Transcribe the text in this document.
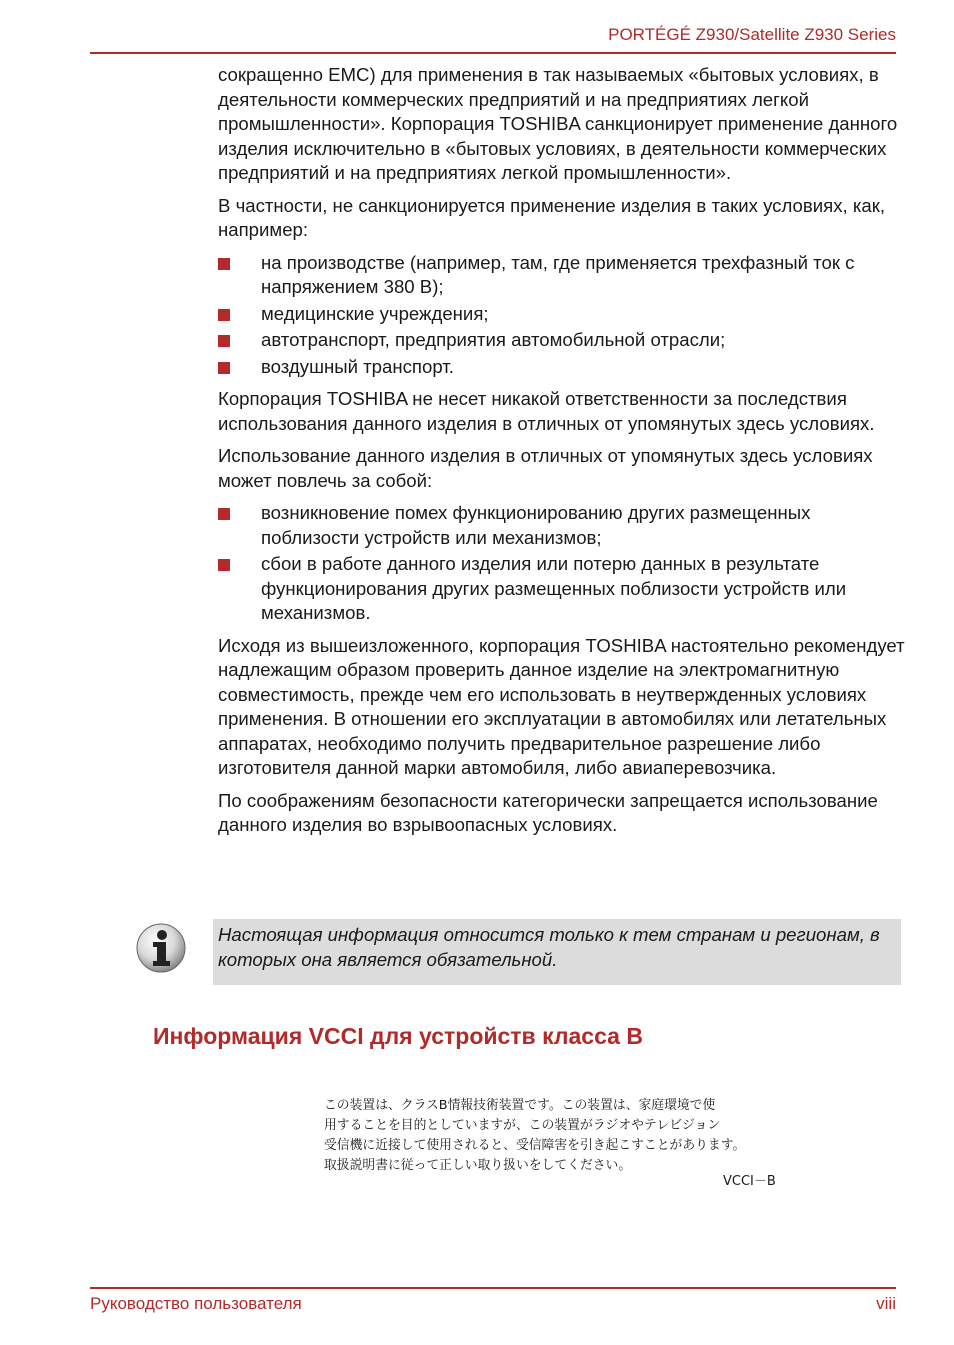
PORTÉGÉ Z930/Satellite Z930 Series

сокращенно EMC) для применения в так называемых «бытовых условиях, в деятельности коммерческих предприятий и на предприятиях легкой промышленности». Корпорация TOSHIBA санкционирует применение данного изделия исключительно в «бытовых условиях, в деятельности коммерческих предприятий и на предприятиях легкой промышленности».

В частности, не санкционируется применение изделия в таких условиях, как, например:

на производстве (например, там, где применяется трехфазный ток с напряжением 380 В);
медицинские учреждения;
автотранспорт, предприятия автомобильной отрасли;
воздушный транспорт.

Корпорация TOSHIBA не несет никакой ответственности за последствия использования данного изделия в отличных от упомянутых здесь условиях.

Использование данного изделия в отличных от упомянутых здесь условиях может повлечь за собой:

возникновение помех функционированию других размещенных поблизости устройств или механизмов;
сбои в работе данного изделия или потерю данных в результате функционирования других размещенных поблизости устройств или механизмов.

Исходя из вышеизложенного, корпорация TOSHIBA настоятельно рекомендует надлежащим образом проверить данное изделие на электромагнитную совместимость, прежде чем его использовать в неутвержденных условиях применения. В отношении его эксплуатации в автомобилях или летательных аппаратах, необходимо получить предварительное разрешение либо изготовителя данной марки автомобиля, либо авиаперевозчика.

По соображениям безопасности категорически запрещается использование данного изделия во взрывоопасных условиях.

Настоящая информация относится только к тем странам и регионам, в которых она является обязательной.
Информация VCCI для устройств класса B
この装置は、クラスB情報技術装置です。この装置は、家庭環境で使
用することを目的としていますが、この装置がラジオやテレビジョン
受信機に近接して使用されると、受信障害を引き起こすことがあります。
取扱説明書に従って正しい取り扱いをしてください。
VCCI－B
Руководство пользователя	viii
